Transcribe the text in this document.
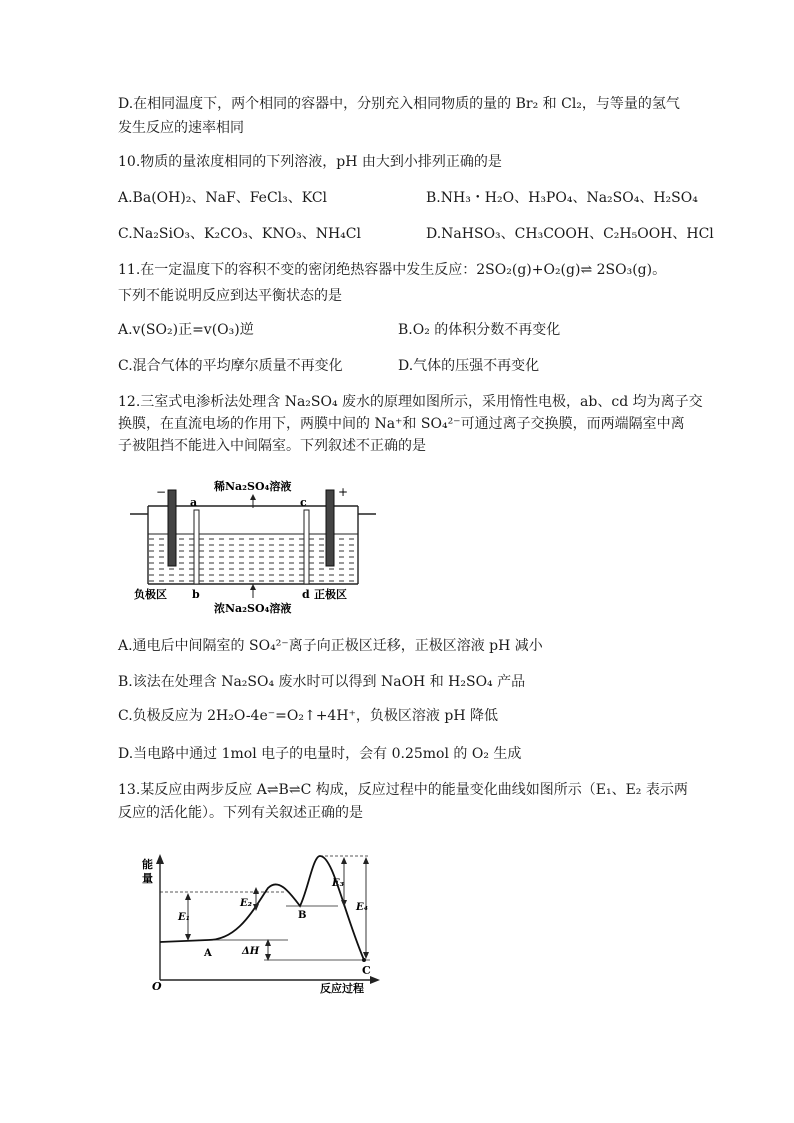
D.在相同温度下，两个相同的容器中，分别充入相同物质的量的 Br₂ 和 Cl₂，与等量的氢气
发生反应的速率相同
10.物质的量浓度相同的下列溶液，pH 由大到小排列正确的是
A.Ba(OH)₂、NaF、FeCl₃、KCl	B.NH₃・H₂O、H₃PO₄、Na₂SO₄、H₂SO₄
C.Na₂SiO₃、K₂CO₃、KNO₃、NH₄Cl	D.NaHSO₃、CH₃COOH、C₂H₅OOH、HCl
11.在一定温度下的容积不变的密闭绝热容器中发生反应：2SO₂(g)+O₂(g)⇌ 2SO₃(g)。
下列不能说明反应到达平衡状态的是
A.v(SO₂)正=v(O₃)逆	B.O₂ 的体积分数不再变化
C.混合气体的平均摩尔质量不再变化	D.气体的压强不再变化
12.三室式电渗析法处理含 Na₂SO₄ 废水的原理如图所示，采用惰性电极，ab、cd 均为离子交
换膜，在直流电场的作用下，两膜中间的 Na⁺和 SO₄²⁻可通过离子交换膜，而两端隔室中离
子被阻挡不能进入中间隔室。下列叙述不正确的是
稀Na₂SO₄溶液
−	+
a	c
负极区 b	d 正极区
浓Na₂SO₄溶液
A.通电后中间隔室的 SO₄²⁻离子向正极区迁移，正极区溶液 pH 减小
B.该法在处理含 Na₂SO₄ 废水时可以得到 NaOH 和 H₂SO₄ 产品
C.负极反应为 2H₂O-4e⁻=O₂↑+4H⁺，负极区溶液 pH 降低
D.当电路中通过 1mol 电子的电量时，会有 0.25mol 的 O₂ 生成
13.某反应由两步反应 A⇌B⇌C 构成，反应过程中的能量变化曲线如图所示（E₁、E₂ 表示两
反应的活化能）。下列有关叙述正确的是
能
量
O	反应过程
E₁
E₂
E₃
E₄
ΔH
A
B
C
